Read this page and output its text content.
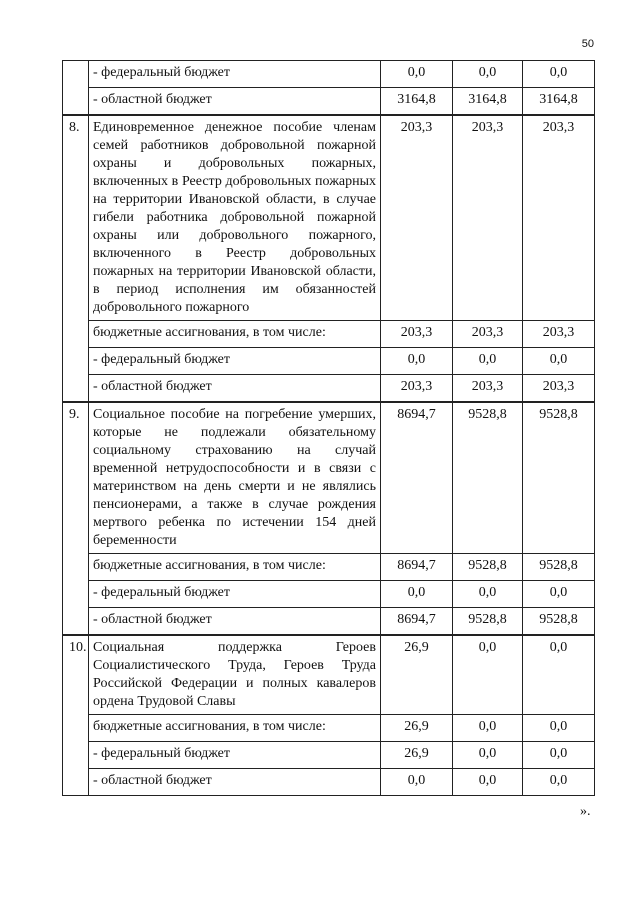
50
	- федеральный бюджет	0,0	0,0	0,0
	- областной бюджет	3164,8	3164,8	3164,8
8.	Единовременное денежное пособие членам семей работников добровольной пожарной охраны и добровольных пожарных, включенных в Реестр добровольных пожарных на территории Ивановской области, в случае гибели работника добровольной пожарной охраны или добровольного пожарного, включенного в Реестр добровольных пожарных на территории Ивановской области, в период исполнения им обязанностей добровольного пожарного	203,3	203,3	203,3
	бюджетные ассигнования, в том числе:	203,3	203,3	203,3
	- федеральный бюджет	0,0	0,0	0,0
	- областной бюджет	203,3	203,3	203,3
9.	Социальное пособие на погребение умерших, которые не подлежали обязательному социальному страхованию на случай временной нетрудоспособности и в связи с материнством на день смерти и не являлись пенсионерами, а также в случае рождения мертвого ребенка по истечении 154 дней беременности	8694,7	9528,8	9528,8
	бюджетные ассигнования, в том числе:	8694,7	9528,8	9528,8
	- федеральный бюджет	0,0	0,0	0,0
	- областной бюджет	8694,7	9528,8	9528,8
10.	Социальная поддержка Героев Социалистического Труда, Героев Труда Российской Федерации и полных кавалеров ордена Трудовой Славы	26,9	0,0	0,0
	бюджетные ассигнования, в том числе:	26,9	0,0	0,0
	- федеральный бюджет	26,9	0,0	0,0
	- областной бюджет	0,0	0,0	0,0
».
